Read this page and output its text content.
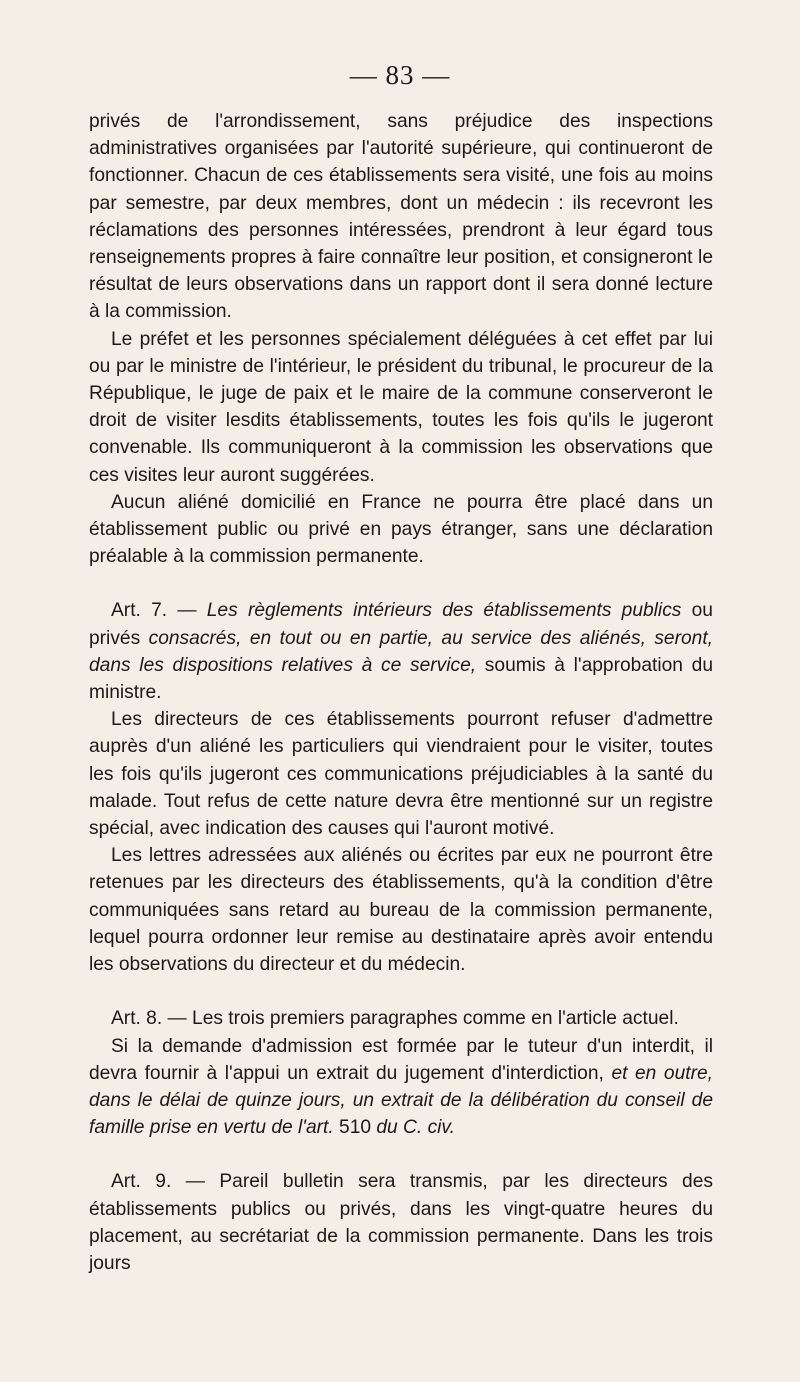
— 83 —

privés de l'arrondissement, sans préjudice des inspections administratives organisées par l'autorité supérieure, qui continueront de fonctionner. Chacun de ces établissements sera visité, une fois au moins par semestre, par deux membres, dont un médecin : ils recevront les réclamations des personnes intéressées, prendront à leur égard tous renseignements propres à faire connaître leur position, et consigneront le résultat de leurs observations dans un rapport dont il sera donné lecture à la commission.

Le préfet et les personnes spécialement déléguées à cet effet par lui ou par le ministre de l'intérieur, le président du tribunal, le procureur de la République, le juge de paix et le maire de la commune conserveront le droit de visiter lesdits établissements, toutes les fois qu'ils le jugeront convenable. Ils communiqueront à la commission les observations que ces visites leur auront suggérées.

Aucun aliéné domicilié en France ne pourra être placé dans un établissement public ou privé en pays étranger, sans une déclaration préalable à la commission permanente.

Art. 7. — Les règlements intérieurs des établissements publics ou privés consacrés, en tout ou en partie, au service des aliénés, seront, dans les dispositions relatives à ce service, soumis à l'approbation du ministre.

Les directeurs de ces établissements pourront refuser d'admettre auprès d'un aliéné les particuliers qui viendraient pour le visiter, toutes les fois qu'ils jugeront ces communications préjudiciables à la santé du malade. Tout refus de cette nature devra être mentionné sur un registre spécial, avec indication des causes qui l'auront motivé.

Les lettres adressées aux aliénés ou écrites par eux ne pourront être retenues par les directeurs des établissements, qu'à la condition d'être communiquées sans retard au bureau de la commission permanente, lequel pourra ordonner leur remise au destinataire après avoir entendu les observations du directeur et du médecin.

Art. 8. — Les trois premiers paragraphes comme en l'article actuel.

Si la demande d'admission est formée par le tuteur d'un interdit, il devra fournir à l'appui un extrait du jugement d'interdiction, et en outre, dans le délai de quinze jours, un extrait de la délibération du conseil de famille prise en vertu de l'art. 510 du C. civ.

Art. 9. — Pareil bulletin sera transmis, par les directeurs des établissements publics ou privés, dans les vingt-quatre heures du placement, au secrétariat de la commission permanente. Dans les trois jours
